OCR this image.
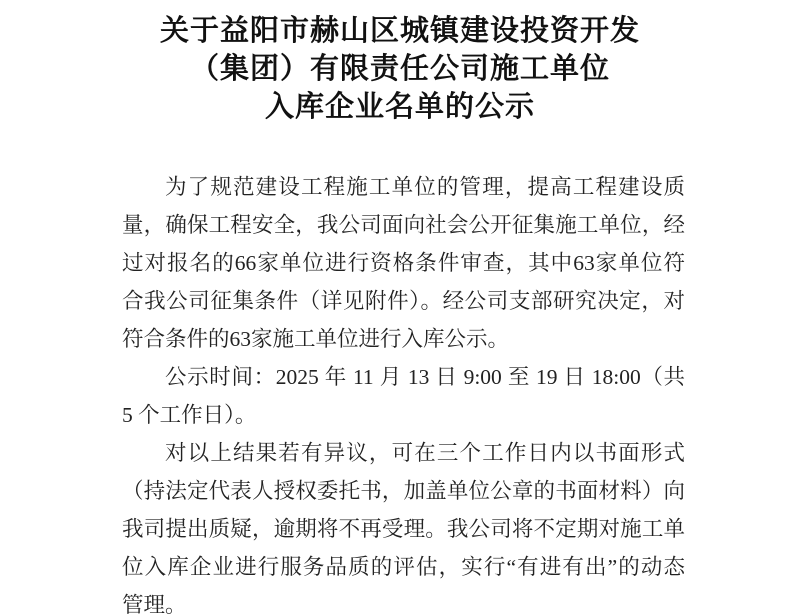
关于益阳市赫山区城镇建设投资开发
（集团）有限责任公司施工单位
入库企业名单的公示
为了规范建设工程施工单位的管理，提高工程建设质
量，确保工程安全，我公司面向社会公开征集施工单位，经
过对报名的66家单位进行资格条件审查，其中63家单位符
合我公司征集条件（详见附件）。经公司支部研究决定，对
符合条件的63家施工单位进行入库公示。
公示时间：2025 年 11 月 13 日 9:00 至 19 日 18:00（共
5 个工作日）。
对以上结果若有异议，可在三个工作日内以书面形式
（持法定代表人授权委托书，加盖单位公章的书面材料）向
我司提出质疑，逾期将不再受理。我公司将不定期对施工单
位入库企业进行服务品质的评估，实行“有进有出”的动态
管理。
